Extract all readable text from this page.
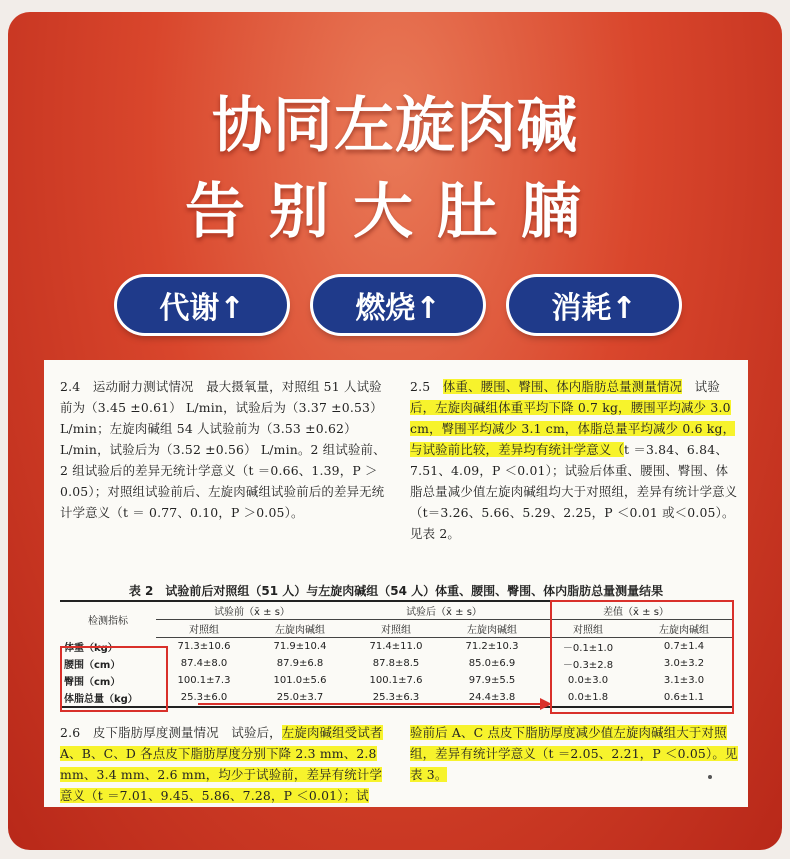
协同左旋肉碱
告别大肚腩
代谢↑	燃烧↑	消耗↑
2.4　运动耐力测试情况　最大摄氧量，对照组 51 人试验前为（3.45 ±0.61） L/min，试验后为（3.37 ±0.53） L/min；左旋肉碱组 54 人试验前为（3.53 ±0.62） L/min，试验后为（3.52 ±0.56） L/min。2 组试验前、2 组试验后的差异无统计学意义（t ＝0.66、1.39，P ＞0.05）；对照组试验前后、左旋肉碱组试验前后的差异无统计学意义（t ＝ 0.77、0.10，P ＞0.05）。
2.5　体重、腰围、臀围、体内脂肪总量测量情况　试验后，左旋肉碱组体重平均下降 0.7 kg，腰围平均减少 3.0 cm，臀围平均减少 3.1 cm，体脂总量平均减少 0.6 kg，与试验前比较，差异均有统计学意义（t ＝3.84、6.84、7.51、4.09，P ＜0.01）；试验后体重、腰围、臀围、体脂总量减少值左旋肉碱组均大于对照组，差异有统计学意义（t＝3.26、5.66、5.29、2.25，P ＜0.01 或＜0.05）。见表 2。
表 2　试验前后对照组（51 人）与左旋肉碱组（54 人）体重、腰围、臀围、体内脂肪总量测量结果
检测指标	试验前（x̄ ± s）		试验后（x̄ ± s）		差值（x̄ ± s）	
	对照组	左旋肉碱组	对照组	左旋肉碱组	对照组	左旋肉碱组
体重（kg）	71.3±10.6	71.9±10.4	71.4±11.0	71.2±10.3	－0.1±1.0	0.7±1.4
腰围（cm）	87.4±8.0	87.9±6.8	87.8±8.5	85.0±6.9	－0.3±2.8	3.0±3.2
臀围（cm）	100.1±7.3	101.0±5.6	100.1±7.6	97.9±5.5	0.0±3.0	3.1±3.0
体脂总量（kg）	25.3±6.0	25.0±3.7	25.3±6.3	24.4±3.8	0.0±1.8	0.6±1.1
2.6　皮下脂肪厚度测量情况　试验后，左旋肉碱组受试者 A、B、C、D 各点皮下脂肪厚度分别下降 2.3 mm、2.8 mm、3.4 mm、2.6 mm，均少于试验前，差异有统计学意义（t ＝7.01、9.45、5.86、7.28，P ＜0.01）；试
验前后 A、C 点皮下脂肪厚度减少值左旋肉碱组大于对照组，差异有统计学意义（t ＝2.05、2.21，P ＜0.05）。见表 3。
